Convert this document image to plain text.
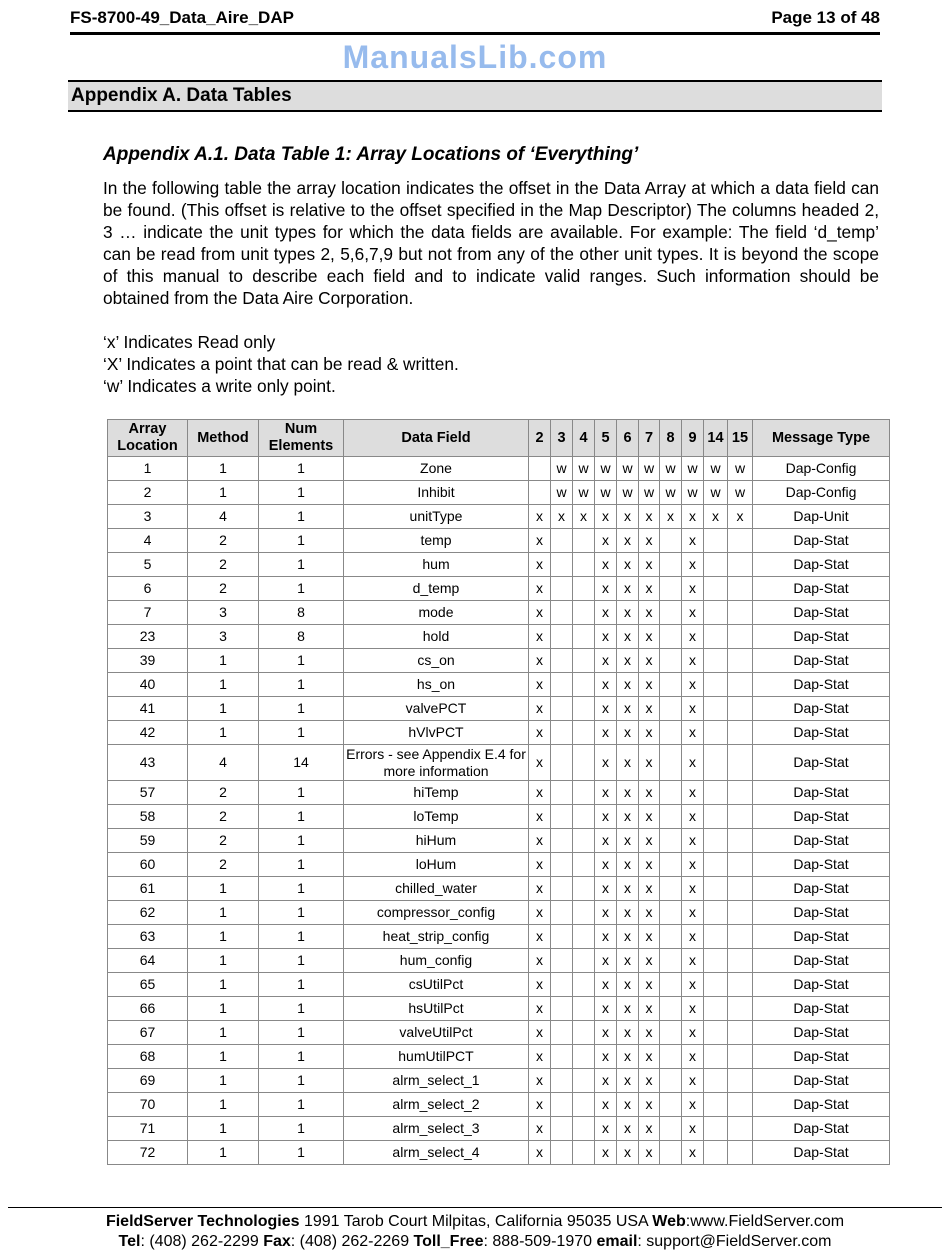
FS-8700-49_Data_Aire_DAP	Page 13 of 48
ManualsLib.com
Appendix A. Data Tables
Appendix A.1. Data Table 1: Array Locations of ‘Everything’
In the following table the array location indicates the offset in the Data Array at which a data field can be found. (This offset is relative to the offset specified in the Map Descriptor) The columns headed 2, 3 … indicate the unit types for which the data fields are available. For example: The field ‘d_temp’ can be read from unit types 2, 5,6,7,9 but not from any of the other unit types. It is beyond the scope of this manual to describe each field and to indicate valid ranges. Such information should be obtained from the Data Aire Corporation.
‘x’ Indicates Read only
‘X’ Indicates a point that can be read & written.
‘w’ Indicates a write only point.
Array Location	Method	Num Elements	Data Field	2	3	4	5	6	7	8	9	14	15	Message Type
1	1	1	Zone		w	w	w	w	w	w	w	w	w	Dap-Config
2	1	1	Inhibit		w	w	w	w	w	w	w	w	w	Dap-Config
3	4	1	unitType	x	x	x	x	x	x	x	x	x	x	Dap-Unit
4	2	1	temp	x			x	x	x		x			Dap-Stat
5	2	1	hum	x			x	x	x		x			Dap-Stat
6	2	1	d_temp	x			x	x	x		x			Dap-Stat
7	3	8	mode	x			x	x	x		x			Dap-Stat
23	3	8	hold	x			x	x	x		x			Dap-Stat
39	1	1	cs_on	x			x	x	x		x			Dap-Stat
40	1	1	hs_on	x			x	x	x		x			Dap-Stat
41	1	1	valvePCT	x			x	x	x		x			Dap-Stat
42	1	1	hVlvPCT	x			x	x	x		x			Dap-Stat
43	4	14	Errors - see Appendix E.4 for more information	x			x	x	x		x			Dap-Stat
57	2	1	hiTemp	x			x	x	x		x			Dap-Stat
58	2	1	loTemp	x			x	x	x		x			Dap-Stat
59	2	1	hiHum	x			x	x	x		x			Dap-Stat
60	2	1	loHum	x			x	x	x		x			Dap-Stat
61	1	1	chilled_water	x			x	x	x		x			Dap-Stat
62	1	1	compressor_config	x			x	x	x		x			Dap-Stat
63	1	1	heat_strip_config	x			x	x	x		x			Dap-Stat
64	1	1	hum_config	x			x	x	x		x			Dap-Stat
65	1	1	csUtilPct	x			x	x	x		x			Dap-Stat
66	1	1	hsUtilPct	x			x	x	x		x			Dap-Stat
67	1	1	valveUtilPct	x			x	x	x		x			Dap-Stat
68	1	1	humUtilPCT	x			x	x	x		x			Dap-Stat
69	1	1	alrm_select_1	x			x	x	x		x			Dap-Stat
70	1	1	alrm_select_2	x			x	x	x		x			Dap-Stat
71	1	1	alrm_select_3	x			x	x	x		x			Dap-Stat
72	1	1	alrm_select_4	x			x	x	x		x			Dap-Stat
FieldServer Technologies 1991 Tarob Court Milpitas, California 95035 USA Web:www.FieldServer.com
Tel: (408) 262-2299 Fax: (408) 262-2269 Toll_Free: 888-509-1970 email: support@FieldServer.com
